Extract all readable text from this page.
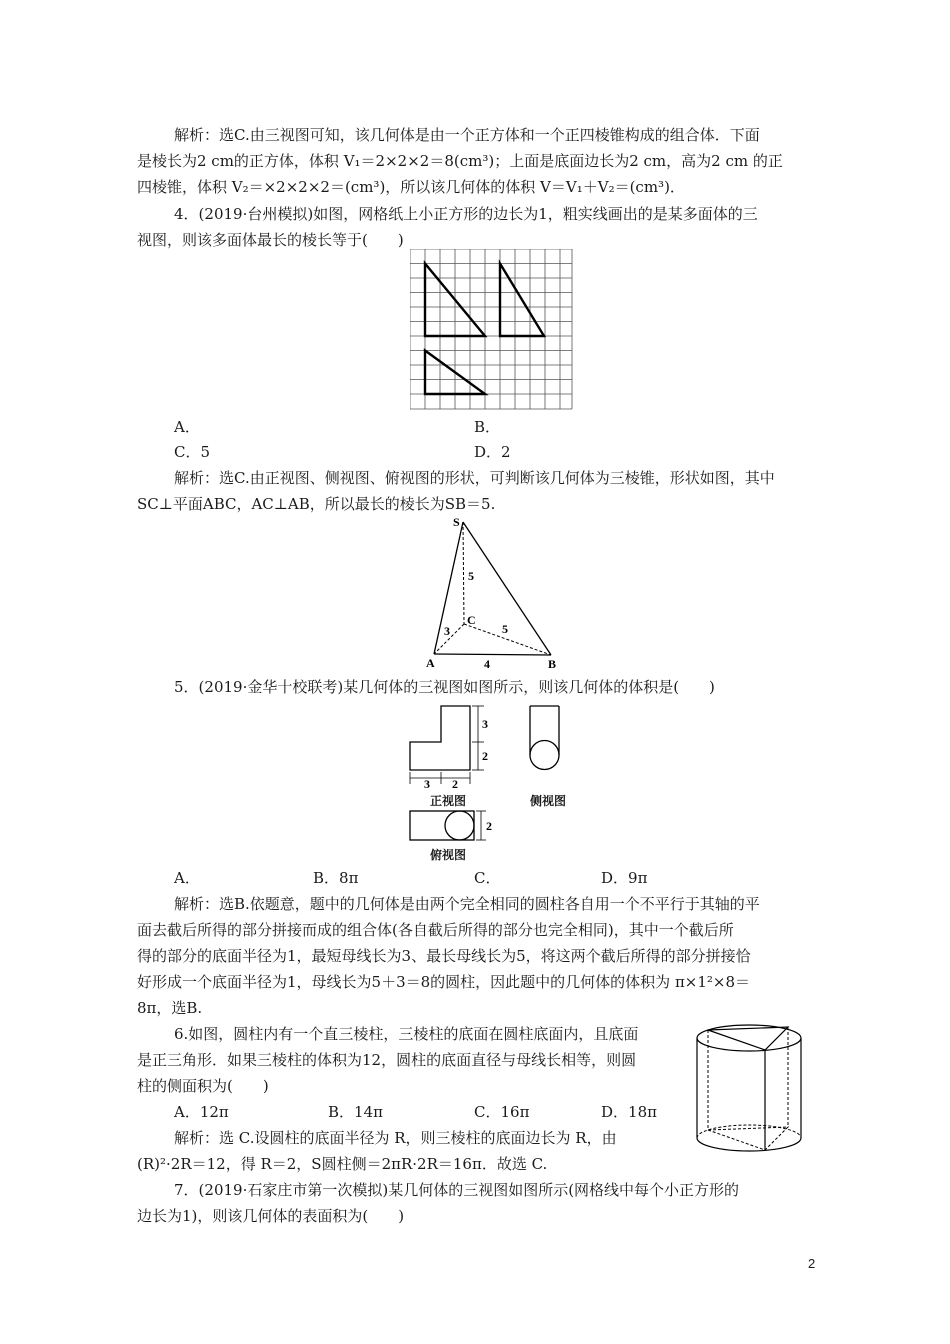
解析：选C.由三视图可知，该几何体是由一个正方体和一个正四棱锥构成的组合体．下面
是棱长为2 cm的正方体，体积 V₁＝2×2×2＝8(cm³)；上面是底面边长为2 cm，高为2 cm 的正
四棱锥，体积 V₂＝×2×2×2＝(cm³)，所以该几何体的体积 V＝V₁＋V₂＝(cm³)．
4．(2019·台州模拟)如图，网格纸上小正方形的边长为1，粗实线画出的是某多面体的三
视图，则该多面体最长的棱长等于(　　)
A．	B．
C．5	D．2
解析：选C.由正视图、侧视图、俯视图的形状，可判断该几何体为三棱锥，形状如图，其中
SC⊥平面ABC，AC⊥AB，所以最长的棱长为SB＝5.
S
C
A	B
5
3	5
4
5．(2019·金华十校联考)某几何体的三视图如图所示，则该几何体的体积是(　　)
3
2
3 2
正视图	侧视图
2
俯视图
A．	B．8π	C．	D．9π
解析：选B.依题意，题中的几何体是由两个完全相同的圆柱各自用一个不平行于其轴的平
面去截后所得的部分拼接而成的组合体(各自截后所得的部分也完全相同)，其中一个截后所
得的部分的底面半径为1，最短母线长为3、最长母线长为5，将这两个截后所得的部分拼接恰
好形成一个底面半径为1，母线长为5＋3＝8的圆柱，因此题中的几何体的体积为 π×1²×8＝
8π，选B.
6.如图，圆柱内有一个直三棱柱，三棱柱的底面在圆柱底面内，且底面
是正三角形．如果三棱柱的体积为12，圆柱的底面直径与母线长相等，则圆
柱的侧面积为(　　)
A．12π	B．14π	C．16π	D．18π
解析：选 C.设圆柱的底面半径为 R，则三棱柱的底面边长为 R，由
(R)²·2R＝12，得 R＝2，S圆柱侧＝2πR·2R＝16π．故选 C.
7．(2019·石家庄市第一次模拟)某几何体的三视图如图所示(网格线中每个小正方形的
边长为1)，则该几何体的表面积为(　　)
2
